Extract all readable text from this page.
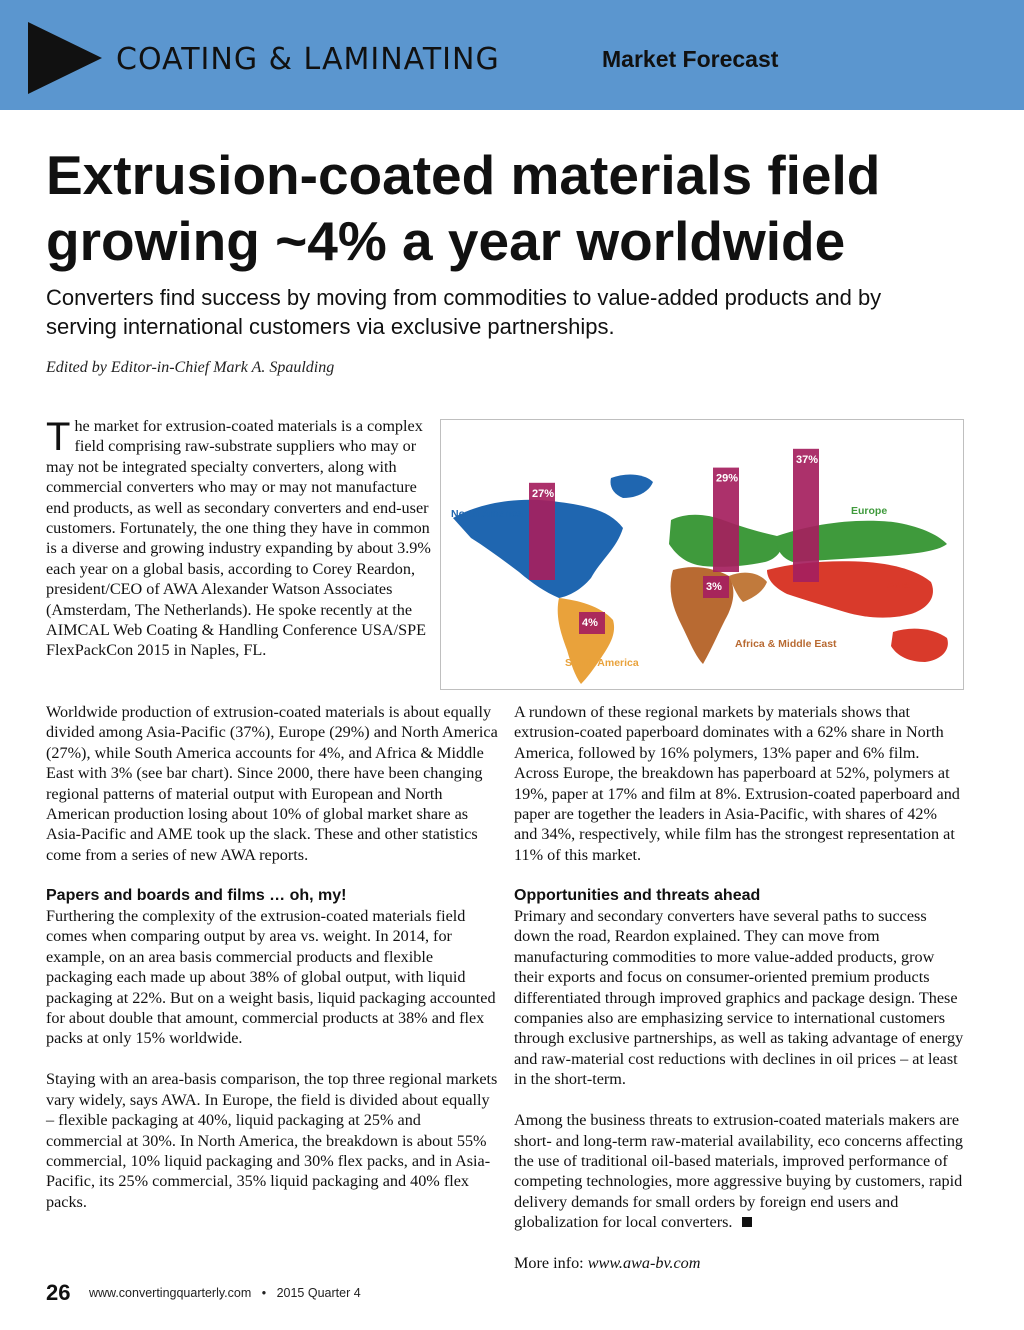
COATING & LAMINATING	Market Forecast
Extrusion-coated materials field growing ~4% a year worldwide

Converters find success by moving from commodities to value-added products and by serving international customers via exclusive partnerships.

Edited by Editor-in-Chief Mark A. Spaulding
The market for extrusion-coated materials is a complex field comprising raw-substrate suppliers who may or may not be integrated specialty converters, along with commercial converters who may or may not manufacture end products, as well as secondary converters and end-user customers. Fortunately, the one thing they have in common is a diverse and growing industry expanding by about 3.9% each year on a global basis, according to Corey Reardon, president/CEO of AWA Alexander Watson Associates (Amsterdam, The Netherlands). He spoke recently at the AIMCAL Web Coating & Handling Conference USA/SPE FlexPackCon 2015 in Naples, FL.
27%
4%
29%
37%
3%
North America
South America
Europe
Africa & Middle East
Asia

Worldwide production of extrusion-coated materials is about equally divided among Asia-Pacific (37%), Europe (29%) and North America (27%), while South America accounts for 4%, and Africa & Middle East with 3% (see bar chart). Since 2000, there have been changing regional patterns of material output with European and North American production losing about 10% of global market share as Asia-Pacific and AME took up the slack. These and other statistics come from a series of new AWA reports.

Papers and boards and films … oh, my!

Furthering the complexity of the extrusion-coated materials field comes when comparing output by area vs. weight. In 2014, for example, on an area basis commercial products and flexible packaging each made up about 38% of global output, with liquid packaging at 22%. But on a weight basis, liquid packaging accounted for about double that amount, commercial products at 38% and flex packs at only 15% worldwide.

Staying with an area-basis comparison, the top three regional markets vary widely, says AWA. In Europe, the field is divided about equally – flexible packaging at 40%, liquid packaging at 25% and commercial at 30%. In North America, the breakdown is about 55% commercial, 10% liquid packaging and 30% flex packs, and in Asia-Pacific, its 25% commercial, 35% liquid packaging and 40% flex packs.

A rundown of these regional markets by materials shows that extrusion-coated paperboard dominates with a 62% share in North America, followed by 16% polymers, 13% paper and 6% film. Across Europe, the breakdown has paperboard at 52%, polymers at 19%, paper at 17% and film at 8%. Extrusion-coated paperboard and paper are together the leaders in Asia-Pacific, with shares of 42% and 34%, respectively, while film has the strongest representation at 11% of this market.

Opportunities and threats ahead

Primary and secondary converters have several paths to success down the road, Reardon explained. They can move from manufacturing commodities to more value-added products, grow their exports and focus on consumer-oriented premium products differentiated through improved graphics and package design. These companies also are emphasizing service to international customers through exclusive partnerships, as well as taking advantage of energy and raw-material cost reductions with declines in oil prices – at least in the short-term.

Among the business threats to extrusion-coated materials makers are short- and long-term raw-material availability, eco concerns affecting the use of traditional oil-based materials, improved performance of competing technologies, more aggressive buying by customers, rapid delivery demands for small orders by foreign end users and globalization for local converters.

More info: www.awa-bv.com

26 www.convertingquarterly.com • 2015 Quarter 4
